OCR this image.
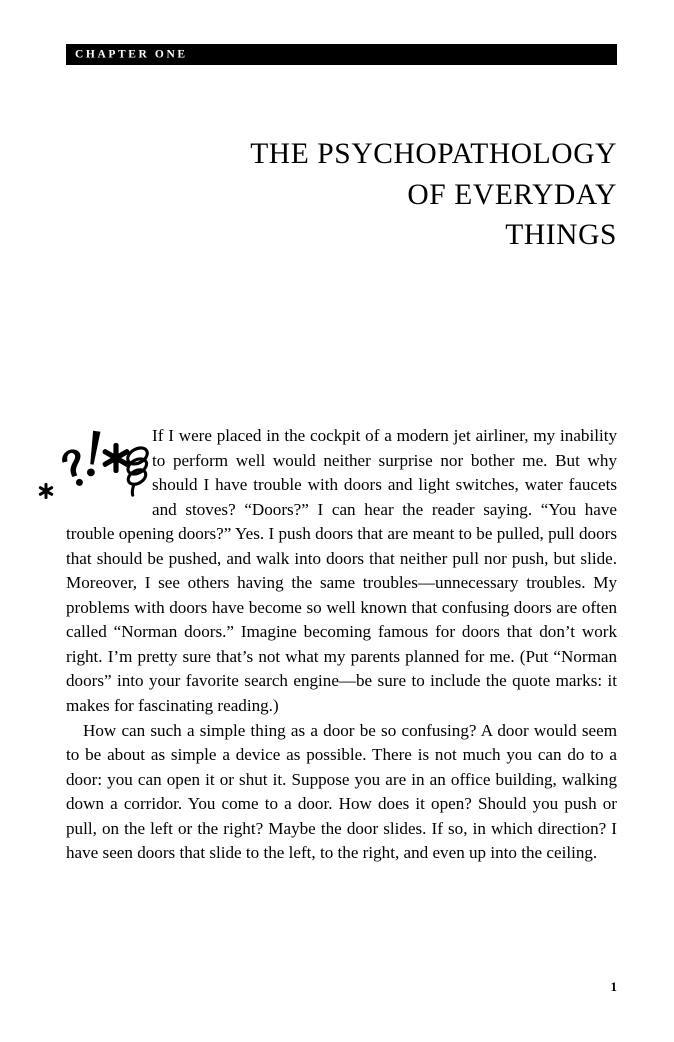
CHAPTER ONE
THE PSYCHOPATHOLOGY
OF EVERYDAY
THINGS

If I were placed in the cockpit of a modern jet airliner, my inability to perform well would neither surprise nor bother me. But why should I have trouble with doors and light switches, water faucets and stoves? “Doors?” I can hear the reader saying. “You have trouble opening doors?” Yes. I push doors that are meant to be pulled, pull doors that should be pushed, and walk into doors that neither pull nor push, but slide. Moreover, I see others having the same troubles—unnecessary troubles. My problems with doors have become so well known that confusing doors are often called “Norman doors.” Imagine becoming famous for doors that don’t work right. I’m pretty sure that’s not what my parents planned for me. (Put “Norman doors” into your favorite search engine—be sure to include the quote marks: it makes for fascinating reading.)

How can such a simple thing as a door be so confusing? A door would seem to be about as simple a device as possible. There is not much you can do to a door: you can open it or shut it. Suppose you are in an office building, walking down a corridor. You come to a door. How does it open? Should you push or pull, on the left or the right? Maybe the door slides. If so, in which direction? I have seen doors that slide to the left, to the right, and even up into the ceiling.

1
